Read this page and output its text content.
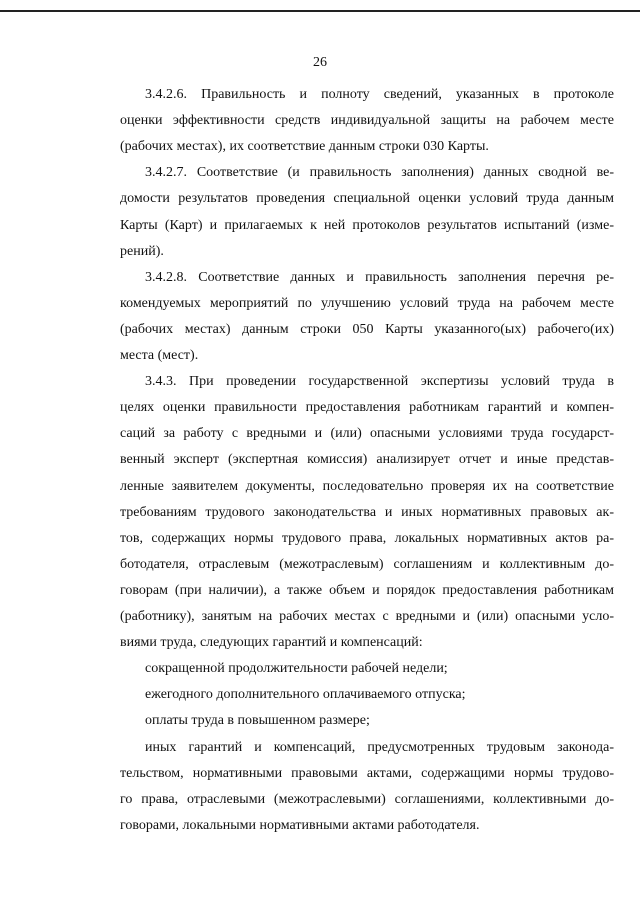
26
3.4.2.6. Правильность и полноту сведений, указанных в протоколе
оценки эффективности средств индивидуальной защиты на рабочем месте
(рабочих местах), их соответствие данным строки 030 Карты.
3.4.2.7. Соответствие (и правильность заполнения) данных сводной ве-
домости результатов проведения специальной оценки условий труда данным
Карты (Карт) и прилагаемых к ней протоколов результатов испытаний (изме-
рений).
3.4.2.8. Соответствие данных и правильность заполнения перечня ре-
комендуемых мероприятий по улучшению условий труда на рабочем месте
(рабочих местах) данным строки 050 Карты указанного(ых) рабочего(их)
места (мест).
3.4.3. При проведении государственной экспертизы условий труда в
целях оценки правильности предоставления работникам гарантий и компен-
саций за работу с вредными и (или) опасными условиями труда государст-
венный эксперт (экспертная комиссия) анализирует отчет и иные представ-
ленные заявителем документы, последовательно проверяя их на соответствие
требованиям трудового законодательства и иных нормативных правовых ак-
тов, содержащих нормы трудового права, локальных нормативных актов ра-
ботодателя, отраслевым (межотраслевым) соглашениям и коллективным до-
говорам (при наличии), а также объем и порядок предоставления работникам
(работнику), занятым на рабочих местах с вредными и (или) опасными усло-
виями труда, следующих гарантий и компенсаций:
сокращенной продолжительности рабочей недели;
ежегодного дополнительного оплачиваемого отпуска;
оплаты труда в повышенном размере;
иных гарантий и компенсаций, предусмотренных трудовым законода-
тельством, нормативными правовыми актами, содержащими нормы трудово-
го права, отраслевыми (межотраслевыми) соглашениями, коллективными до-
говорами, локальными нормативными актами работодателя.
